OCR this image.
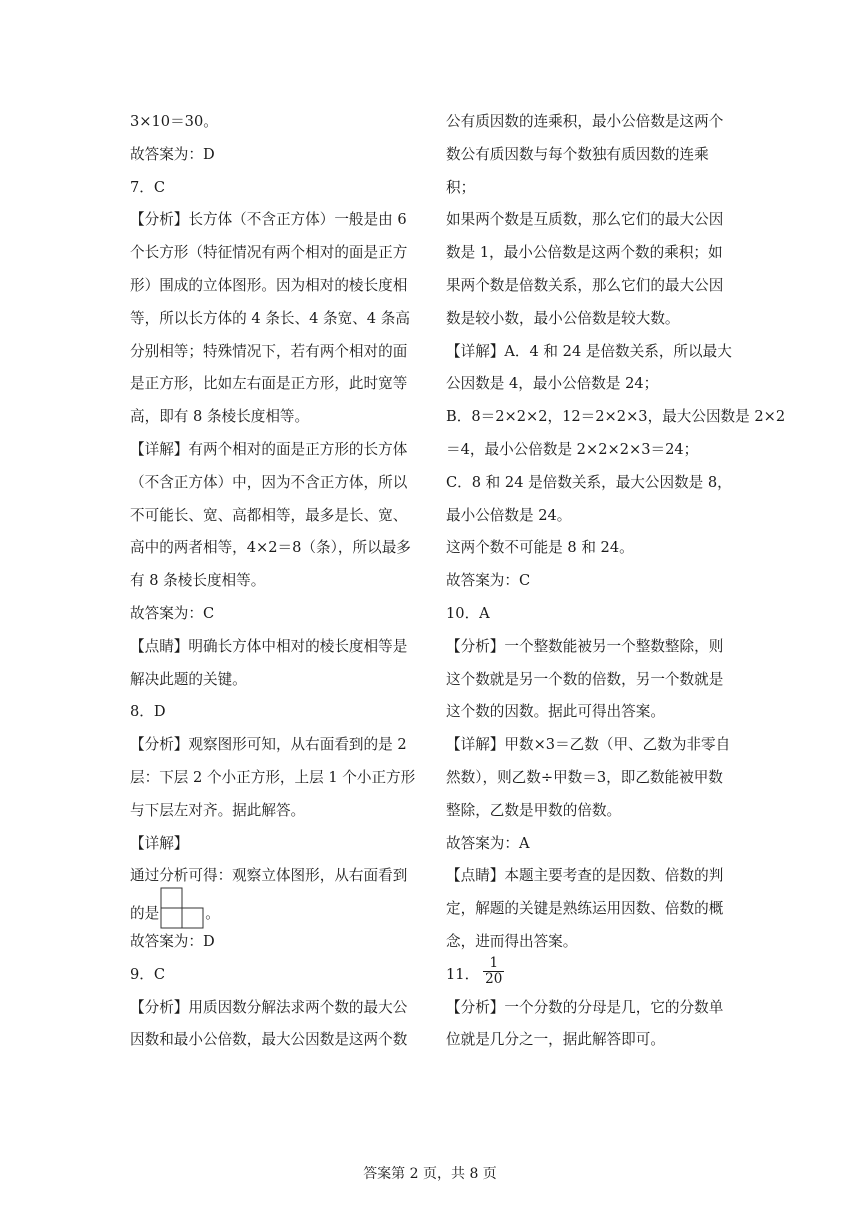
3×10＝30。
故答案为：D
7．C
【分析】长方体（不含正方体）一般是由 6
个长方形（特征情况有两个相对的面是正方
形）围成的立体图形。因为相对的棱长度相
等，所以长方体的 4 条长、4 条宽、4 条高
分别相等；特殊情况下，若有两个相对的面
是正方形，比如左右面是正方形，此时宽等
高，即有 8 条棱长度相等。
【详解】有两个相对的面是正方形的长方体
（不含正方体）中，因为不含正方体，所以
不可能长、宽、高都相等，最多是长、宽、
高中的两者相等，4×2＝8（条），所以最多
有 8 条棱长度相等。
故答案为：C
【点睛】明确长方体中相对的棱长度相等是
解决此题的关键。
8．D
【分析】观察图形可知，从右面看到的是 2
层：下层 2 个小正方形，上层 1 个小正方形
与下层左对齐。据此解答。
【详解】
通过分析可得：观察立体图形，从右面看到
的是	。
故答案为：D
9．C
【分析】用质因数分解法求两个数的最大公
因数和最小公倍数，最大公因数是这两个数
公有质因数的连乘积，最小公倍数是这两个
数公有质因数与每个数独有质因数的连乘
积；
如果两个数是互质数，那么它们的最大公因
数是 1，最小公倍数是这两个数的乘积；如
果两个数是倍数关系，那么它们的最大公因
数是较小数，最小公倍数是较大数。
【详解】A．4 和 24 是倍数关系，所以最大
公因数是 4，最小公倍数是 24；
B．8＝2×2×2，12＝2×2×3，最大公因数是 2×2
＝4，最小公倍数是 2×2×2×3＝24；
C．8 和 24 是倍数关系，最大公因数是 8，
最小公倍数是 24。
这两个数不可能是 8 和 24。
故答案为：C
10．A
【分析】一个整数能被另一个整数整除，则
这个数就是另一个数的倍数，另一个数就是
这个数的因数。据此可得出答案。
【详解】甲数×3＝乙数（甲、乙数为非零自
然数），则乙数÷甲数＝3，即乙数能被甲数
整除，乙数是甲数的倍数。
故答案为：A
【点睛】本题主要考查的是因数、倍数的判
定，解题的关键是熟练运用因数、倍数的概
念，进而得出答案。
11． $\frac{1}{20}$
【分析】一个分数的分母是几，它的分数单
位就是几分之一，据此解答即可。
答案第 2 页，共 8 页
